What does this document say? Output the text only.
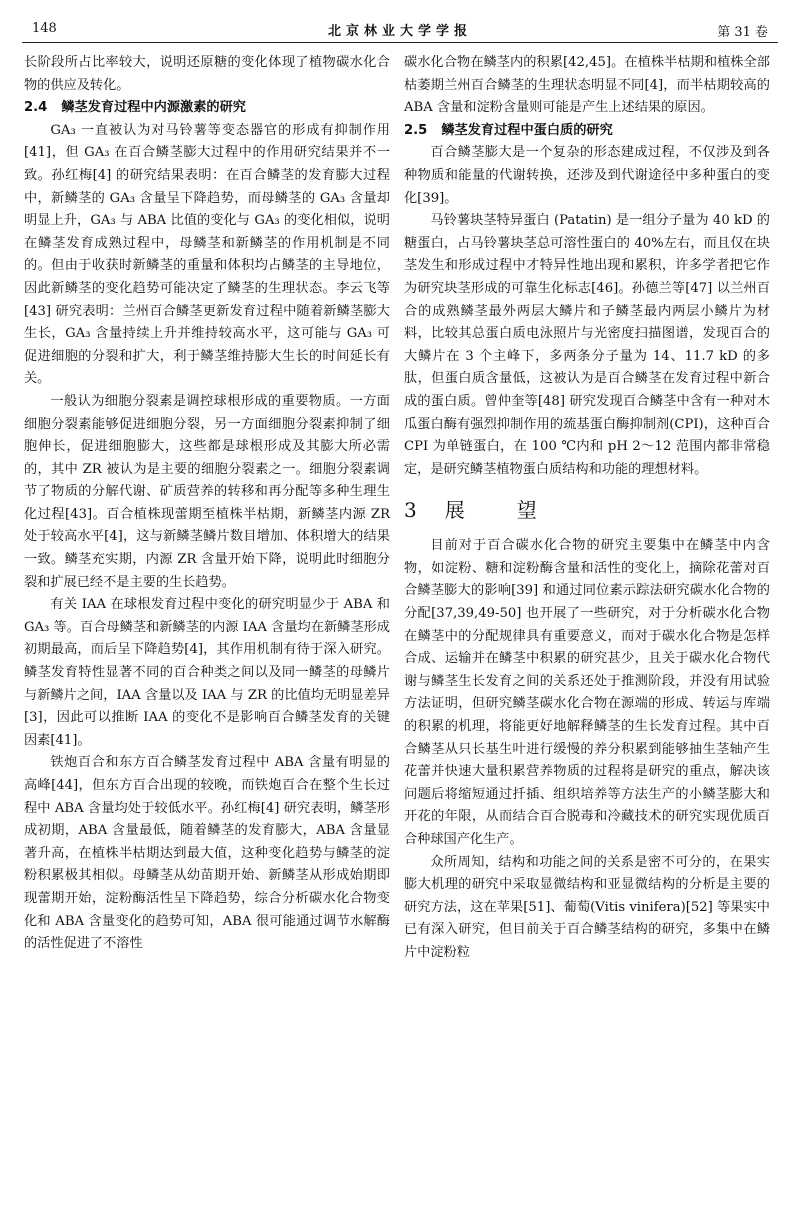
148	北京林业大学学报	第 31 卷

长阶段所占比率较大，说明还原糖的变化体现了植物碳水化合物的供应及转化。

2.4 鳞茎发育过程中内源激素的研究

GA₃ 一直被认为对马铃薯等变态器官的形成有抑制作用[41]，但 GA₃ 在百合鳞茎膨大过程中的作用研究结果并不一致。孙红梅[4] 的研究结果表明：在百合鳞茎的发育膨大过程中，新鳞茎的 GA₃ 含量呈下降趋势，而母鳞茎的 GA₃ 含量却明显上升，GA₃ 与 ABA 比值的变化与 GA₃ 的变化相似，说明在鳞茎发育成熟过程中，母鳞茎和新鳞茎的作用机制是不同的。但由于收获时新鳞茎的重量和体积均占鳞茎的主导地位，因此新鳞茎的变化趋势可能决定了鳞茎的生理状态。李云飞等[43] 研究表明：兰州百合鳞茎更新发育过程中随着新鳞茎膨大生长，GA₃ 含量持续上升并维持较高水平，这可能与 GA₃ 可促进细胞的分裂和扩大，利于鳞茎维持膨大生长的时间延长有关。

一般认为细胞分裂素是调控球根形成的重要物质。一方面细胞分裂素能够促进细胞分裂，另一方面细胞分裂素抑制了细胞伸长，促进细胞膨大，这些都是球根形成及其膨大所必需的，其中 ZR 被认为是主要的细胞分裂素之一。细胞分裂素调节了物质的分解代谢、矿质营养的转移和再分配等多种生理生化过程[43]。百合植株现蕾期至植株半枯期，新鳞茎内源 ZR 处于较高水平[4]，这与新鳞茎鳞片数目增加、体积增大的结果一致。鳞茎充实期，内源 ZR 含量开始下降，说明此时细胞分裂和扩展已经不是主要的生长趋势。

有关 IAA 在球根发育过程中变化的研究明显少于 ABA 和 GA₃ 等。百合母鳞茎和新鳞茎的内源 IAA 含量均在新鳞茎形成初期最高，而后呈下降趋势[4]，其作用机制有待于深入研究。鳞茎发育特性显著不同的百合种类之间以及同一鳞茎的母鳞片与新鳞片之间，IAA 含量以及 IAA 与 ZR 的比值均无明显差异[3]，因此可以推断 IAA 的变化不是影响百合鳞茎发育的关键因素[41]。

铁炮百合和东方百合鳞茎发育过程中 ABA 含量有明显的高峰[44]，但东方百合出现的较晚，而铁炮百合在整个生长过程中 ABA 含量均处于较低水平。孙红梅[4] 研究表明，鳞茎形成初期，ABA 含量最低，随着鳞茎的发育膨大，ABA 含量显著升高，在植株半枯期达到最大值，这种变化趋势与鳞茎的淀粉积累极其相似。母鳞茎从幼苗期开始、新鳞茎从形成始期即现蕾期开始，淀粉酶活性呈下降趋势，综合分析碳水化合物变化和 ABA 含量变化的趋势可知，ABA 很可能通过调节水解酶的活性促进了不溶性

碳水化合物在鳞茎内的积累[42,45]。在植株半枯期和植株全部枯萎期兰州百合鳞茎的生理状态明显不同[4]，而半枯期较高的 ABA 含量和淀粉含量则可能是产生上述结果的原因。

2.5 鳞茎发育过程中蛋白质的研究

百合鳞茎膨大是一个复杂的形态建成过程，不仅涉及到各种物质和能量的代谢转换，还涉及到代谢途径中多种蛋白的变化[39]。

马铃薯块茎特异蛋白 (Patatin) 是一组分子量为 40 kD 的糖蛋白，占马铃薯块茎总可溶性蛋白的 40%左右，而且仅在块茎发生和形成过程中才特异性地出现和累积，许多学者把它作为研究块茎形成的可靠生化标志[46]。孙德兰等[47] 以兰州百合的成熟鳞茎最外两层大鳞片和子鳞茎最内两层小鳞片为材料，比较其总蛋白质电泳照片与光密度扫描图谱，发现百合的大鳞片在 3 个主峰下，多两条分子量为 14、11.7 kD 的多肽，但蛋白质含量低，这被认为是百合鳞茎在发育过程中新合成的蛋白质。曾仲奎等[48] 研究发现百合鳞茎中含有一种对木瓜蛋白酶有强烈抑制作用的巯基蛋白酶抑制剂(CPI)，这种百合 CPI 为单链蛋白，在 100 ℃内和 pH 2～12 范围内都非常稳定，是研究鳞茎植物蛋白质结构和功能的理想材料。

3 展	望

目前对于百合碳水化合物的研究主要集中在鳞茎中内含物，如淀粉、糖和淀粉酶含量和活性的变化上，摘除花蕾对百合鳞茎膨大的影响[39] 和通过同位素示踪法研究碳水化合物的分配[37,39,49-50] 也开展了一些研究，对于分析碳水化合物在鳞茎中的分配规律具有重要意义，而对于碳水化合物是怎样合成、运输并在鳞茎中积累的研究甚少，且关于碳水化合物代谢与鳞茎生长发育之间的关系还处于推测阶段，并没有用试验方法证明，但研究鳞茎碳水化合物在源端的形成、转运与库端的积累的机理，将能更好地解释鳞茎的生长发育过程。其中百合鳞茎从只长基生叶进行缓慢的养分积累到能够抽生茎轴产生花蕾并快速大量积累营养物质的过程将是研究的重点，解决该问题后将缩短通过扦插、组织培养等方法生产的小鳞茎膨大和开花的年限，从而结合百合脱毒和冷藏技术的研究实现优质百合种球国产化生产。

众所周知，结构和功能之间的关系是密不可分的，在果实膨大机理的研究中采取显微结构和亚显微结构的分析是主要的研究方法，这在苹果[51]、葡萄(Vitis vinifera)[52] 等果实中已有深入研究，但目前关于百合鳞茎结构的研究，多集中在鳞片中淀粉粒
